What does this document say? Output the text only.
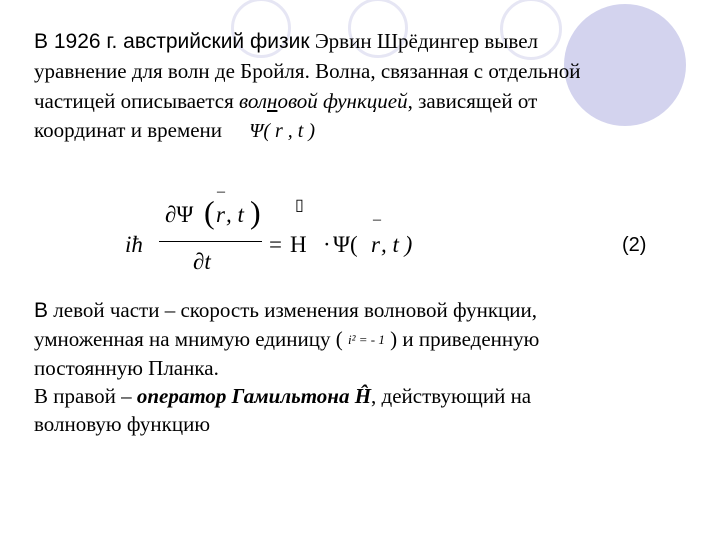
В 1926 г. австрийский физик Эрвин Шрёдингер вывел
уравнение для волн де Бройля. Волна, связанная с отдельной
частицей описывается волновой функцией, зависящей от
координат и времени Ψ( r , t )
iħ
∂Ψ (
–
r , t )
∂t
=
▯
Η · Ψ(
–
r , t )	(2)
В левой части – скорость изменения волновой функции,
умноженная на мнимую единицу ( i² = - 1 ) и приведенную
постоянную Планка.
В правой – оператор Гамильтона Ĥ, действующий на
волновую функцию
